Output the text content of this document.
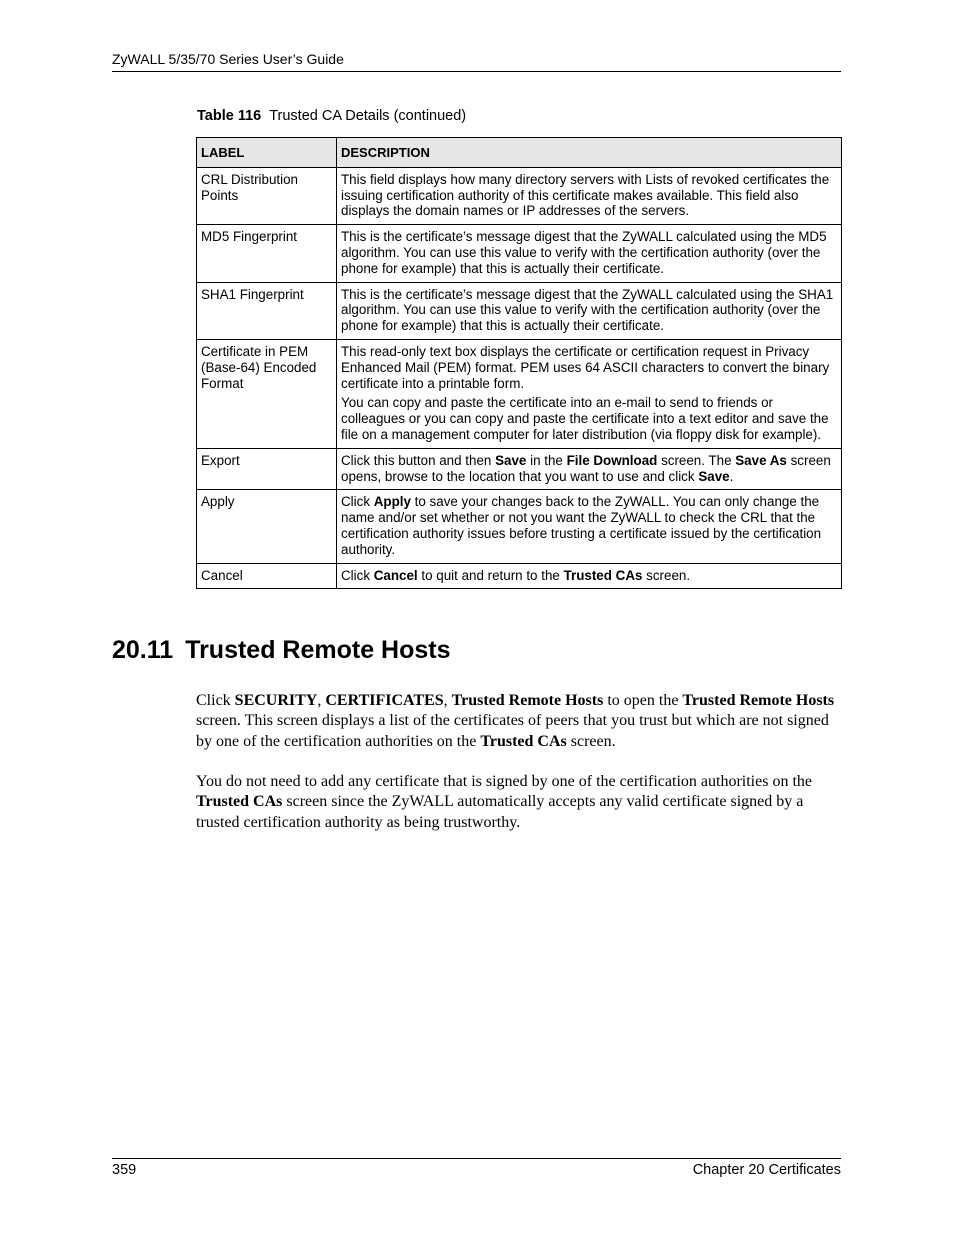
ZyWALL 5/35/70 Series User’s Guide
Table 116 Trusted CA Details (continued)
LABEL	DESCRIPTION
CRL Distribution Points	This field displays how many directory servers with Lists of revoked certificates the issuing certification authority of this certificate makes available. This field also displays the domain names or IP addresses of the servers.

MD5 Fingerprint	This is the certificate’s message digest that the ZyWALL calculated using the MD5 algorithm. You can use this value to verify with the certification authority (over the phone for example) that this is actually their certificate.

SHA1 Fingerprint	This is the certificate’s message digest that the ZyWALL calculated using the SHA1 algorithm. You can use this value to verify with the certification authority (over the phone for example) that this is actually their certificate.

Certificate in PEM (Base-64) Encoded Format	This read-only text box displays the certificate or certification request in Privacy Enhanced Mail (PEM) format. PEM uses 64 ASCII characters to convert the binary certificate into a printable form.
You can copy and paste the certificate into an e-mail to send to friends or colleagues or you can copy and paste the certificate into a text editor and save the file on a management computer for later distribution (via floppy disk for example).

Export	Click this button and then Save in the File Download screen. The Save As screen opens, browse to the location that you want to use and click Save.

Apply	Click Apply to save your changes back to the ZyWALL. You can only change the name and/or set whether or not you want the ZyWALL to check the CRL that the certification authority issues before trusting a certificate issued by the certification authority.

Cancel	Click Cancel to quit and return to the Trusted CAs screen.
20.11 Trusted Remote Hosts

Click SECURITY, CERTIFICATES, Trusted Remote Hosts to open the Trusted Remote Hosts screen. This screen displays a list of the certificates of peers that you trust but which are not signed by one of the certification authorities on the Trusted CAs screen.

You do not need to add any certificate that is signed by one of the certification authorities on the Trusted CAs screen since the ZyWALL automatically accepts any valid certificate signed by a trusted certification authority as being trustworthy.

359	Chapter 20 Certificates
